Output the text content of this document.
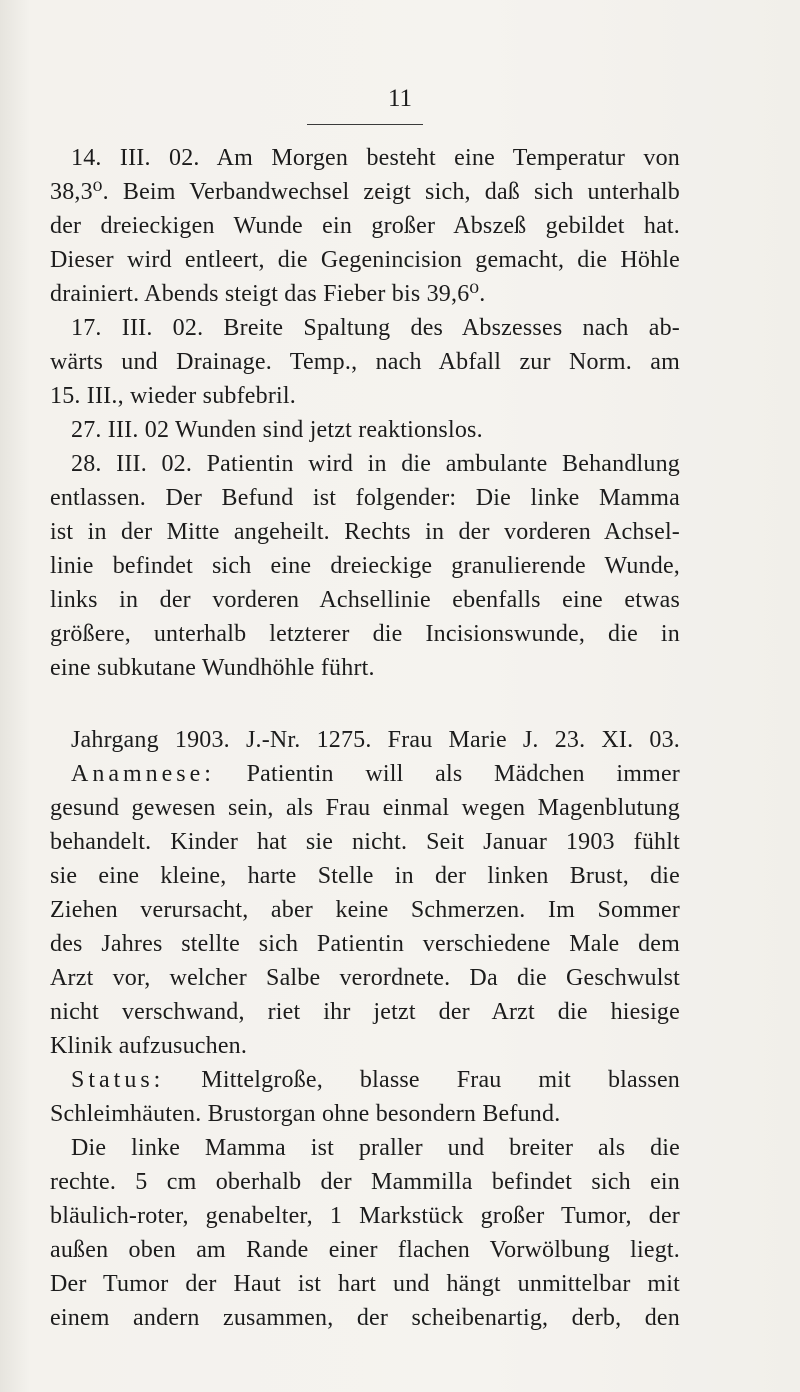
11

14. III. 02. Am Morgen besteht eine Temperatur von
38,3⁰. Beim Verbandwechsel zeigt sich, daß sich unterhalb
der dreieckigen Wunde ein großer Abszeß gebildet hat.
Dieser wird entleert, die Gegenincision gemacht, die Höhle
drainiert. Abends steigt das Fieber bis 39,6⁰.

17. III. 02. Breite Spaltung des Abszesses nach ab-
wärts und Drainage. Temp., nach Abfall zur Norm. am
15. III., wieder subfebril.

27. III. 02 Wunden sind jetzt reaktionslos.

28. III. 02. Patientin wird in die ambulante Behandlung
entlassen. Der Befund ist folgender: Die linke Mamma
ist in der Mitte angeheilt. Rechts in der vorderen Achsel-
linie befindet sich eine dreieckige granulierende Wunde,
links in der vorderen Achsellinie ebenfalls eine etwas
größere, unterhalb letzterer die Incisionswunde, die in
eine subkutane Wundhöhle führt.

Jahrgang 1903. J.-Nr. 1275. Frau Marie J. 23. XI. 03.

Anamnese: Patientin will als Mädchen immer
gesund gewesen sein, als Frau einmal wegen Magenblutung
behandelt. Kinder hat sie nicht. Seit Januar 1903 fühlt
sie eine kleine, harte Stelle in der linken Brust, die
Ziehen verursacht, aber keine Schmerzen. Im Sommer
des Jahres stellte sich Patientin verschiedene Male dem
Arzt vor, welcher Salbe verordnete. Da die Geschwulst
nicht verschwand, riet ihr jetzt der Arzt die hiesige
Klinik aufzusuchen.

Status: Mittelgroße, blasse Frau mit blassen
Schleimhäuten. Brustorgan ohne besondern Befund.

Die linke Mamma ist praller und breiter als die
rechte. 5 cm oberhalb der Mammilla befindet sich ein
bläulich-roter, genabelter, 1 Markstück großer Tumor, der
außen oben am Rande einer flachen Vorwölbung liegt.
Der Tumor der Haut ist hart und hängt unmittelbar mit
einem andern zusammen, der scheibenartig, derb, den
